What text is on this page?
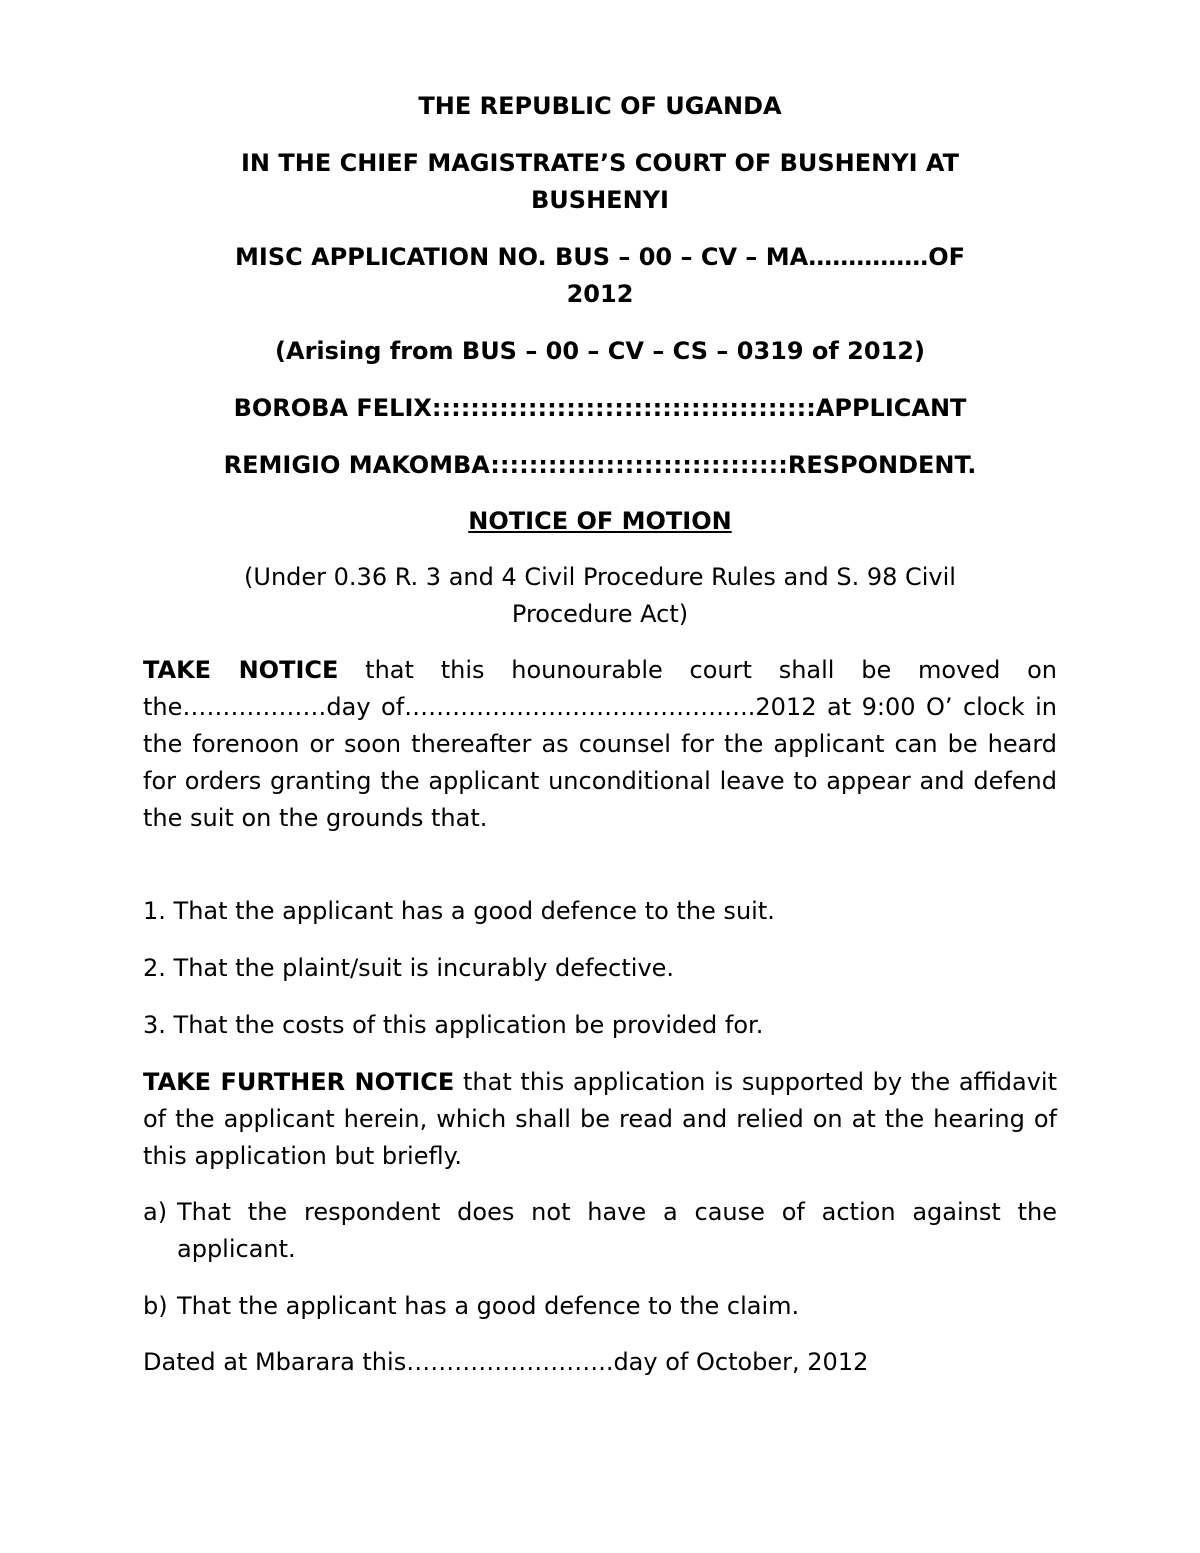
THE REPUBLIC OF UGANDA

IN THE CHIEF MAGISTRATE’S COURT OF BUSHENYI AT

BUSHENYI

MISC APPLICATION NO. BUS – 00 – CV – MA……………OF

2012

(Arising from BUS – 00 – CV – CS – 0319 of 2012)

BOROBA FELIX::::::::::::::::::::::::::::::::::::::::APPLICANT

REMIGIO MAKOMBA:::::::::::::::::::::::::::::::RESPONDENT.

NOTICE OF MOTION

(Under 0.36 R. 3 and 4 Civil Procedure Rules and S. 98 Civil
Procedure Act)

TAKE NOTICE that this hounourable court shall be moved on the………………day of……………………………………..2012 at 9:00 O’ clock in the forenoon or soon thereafter as counsel for the applicant can be heard for orders granting the applicant unconditional leave to appear and defend the suit on the grounds that.

1. That the applicant has a good defence to the suit.
2. That the plaint/suit is incurably defective.
3. That the costs of this application be provided for.

TAKE FURTHER NOTICE that this application is supported by the affidavit of the applicant herein, which shall be read and relied on at the hearing of this application but briefly.

a) That the respondent does not have a cause of action against the applicant.
b) That the applicant has a good defence to the claim.

Dated at Mbarara this……………………..day of October, 2012
